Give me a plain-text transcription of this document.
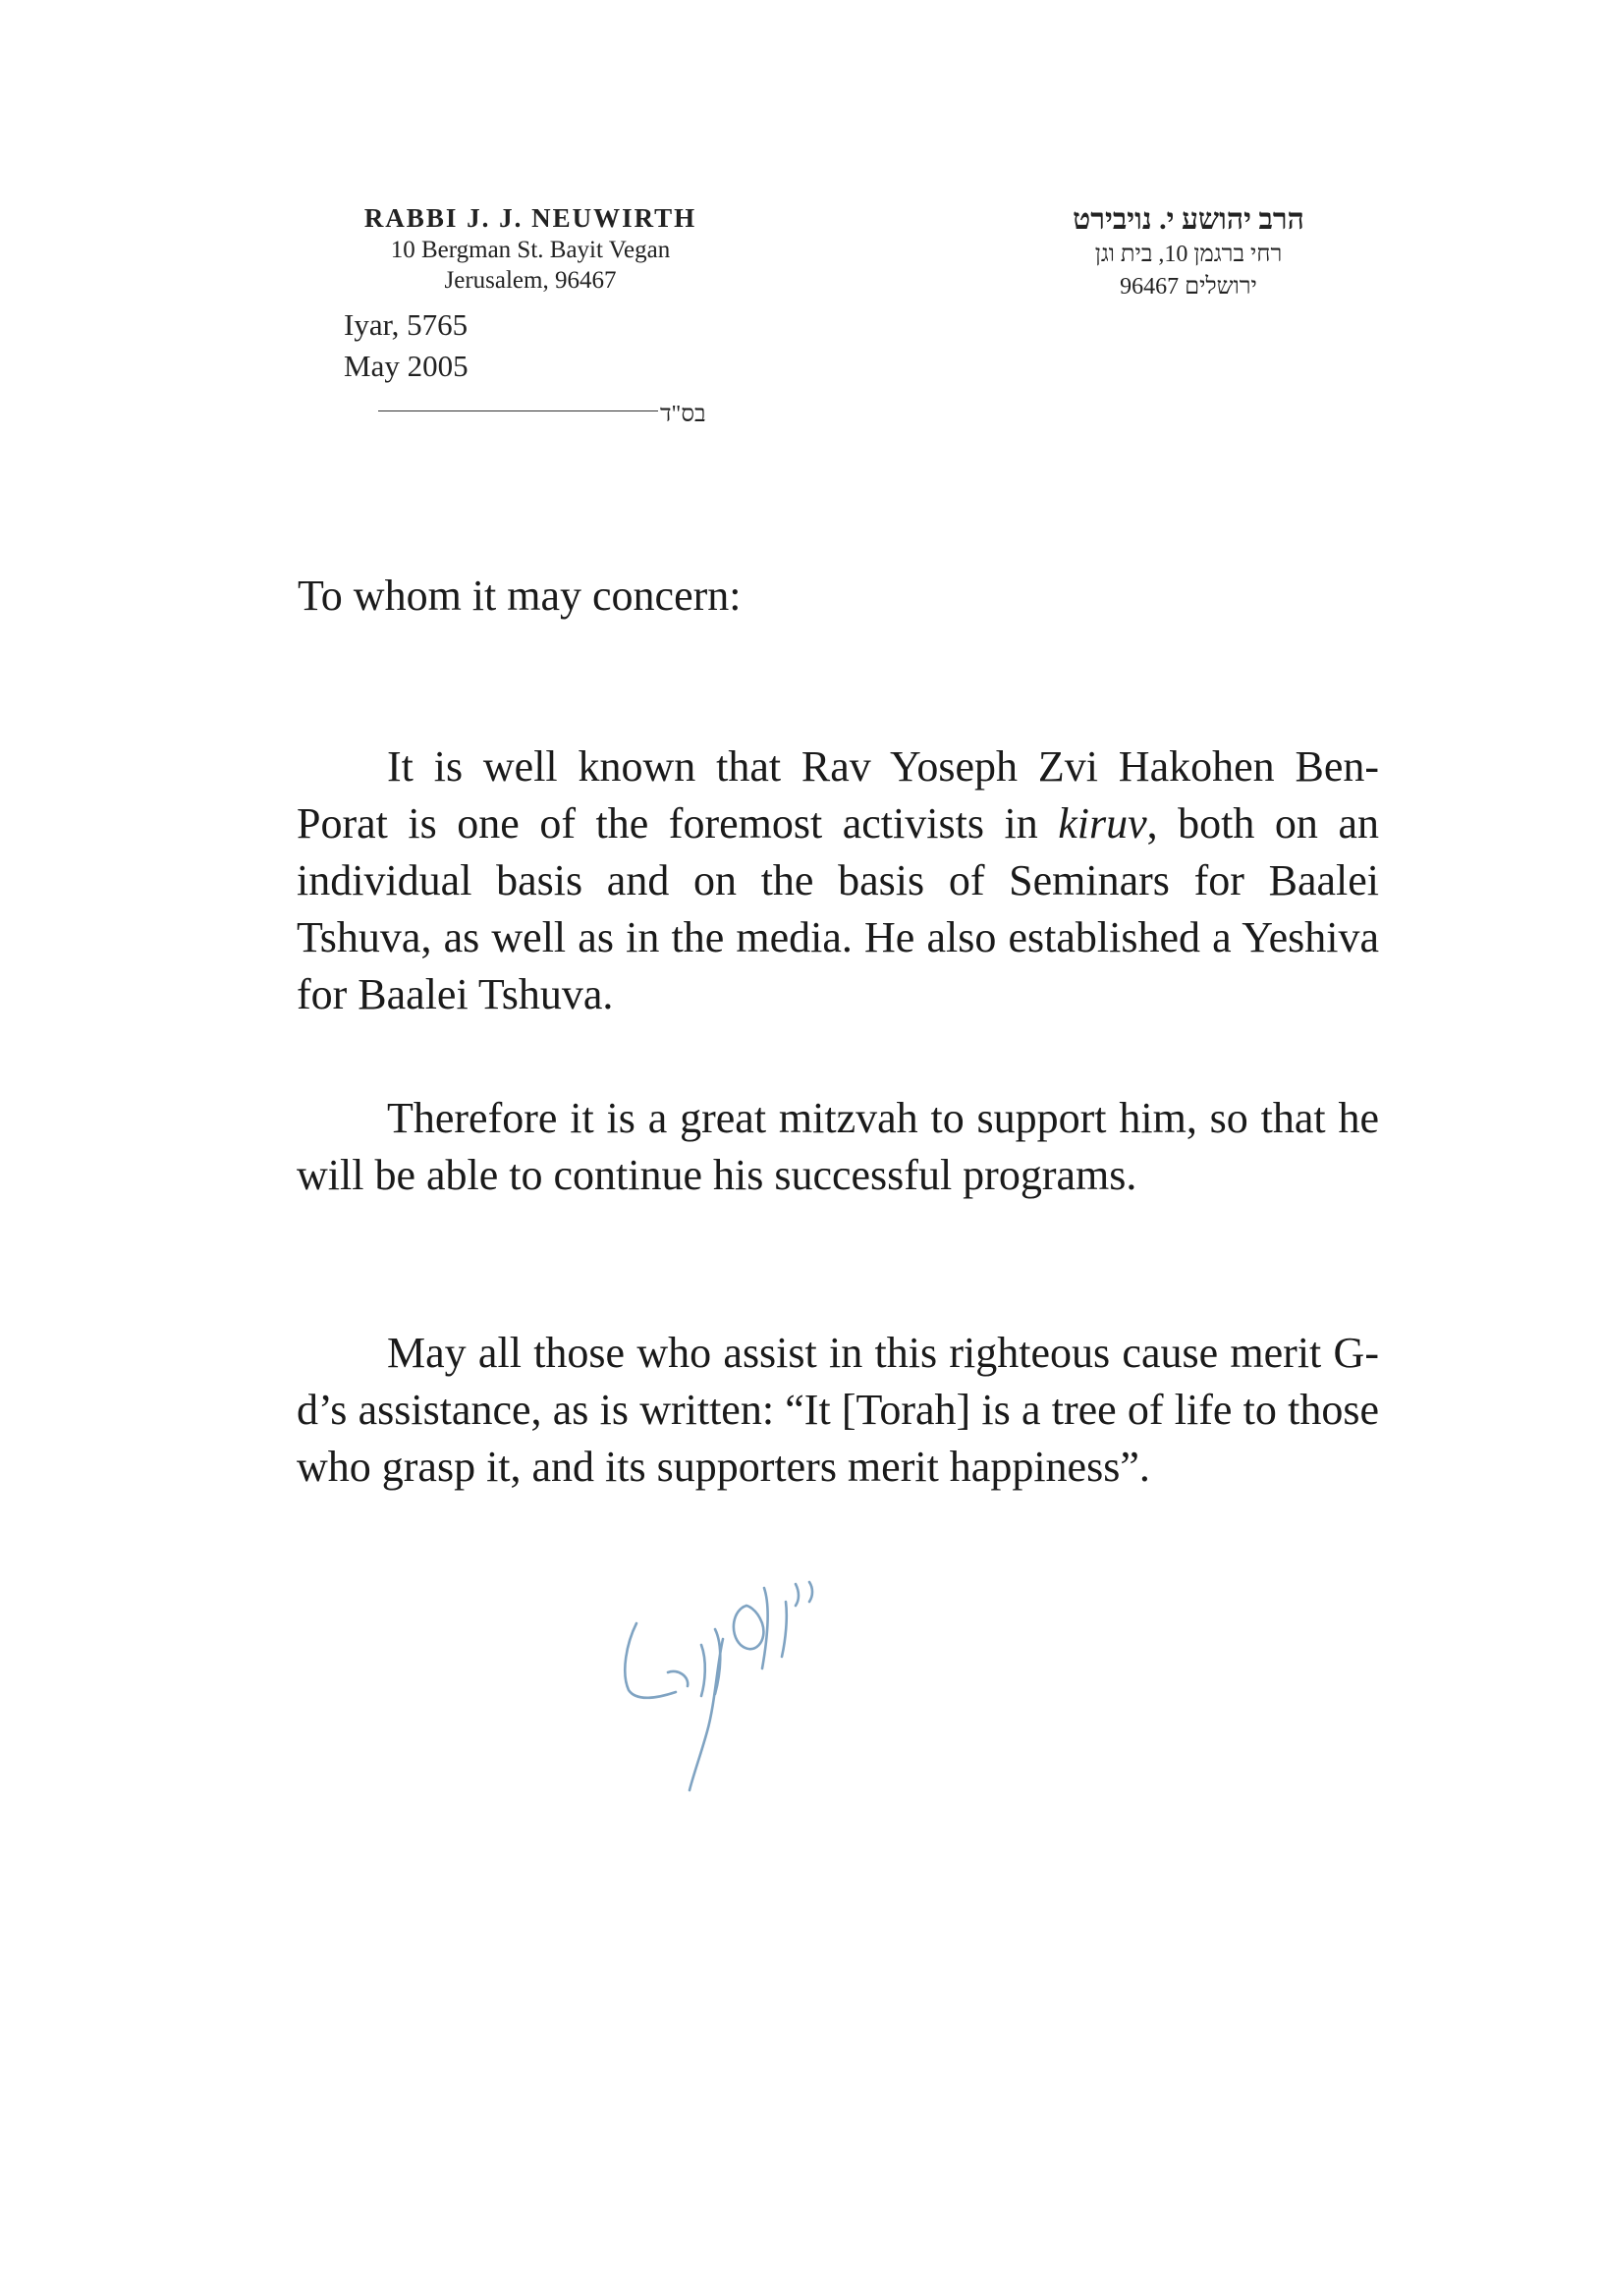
RABBI J. J. NEUWIRTH
10 Bergman St. Bayit Vegan
Jerusalem, 96467
הרב יהושע י. נויבירט
רחי ברגמן 10, בית וגן
ירושלים 96467
Iyar, 5765
May 2005
בס"ד
To whom it may concern:
It is well known that Rav Yoseph Zvi Hakohen Ben-Porat is one of the foremost activists in kiruv, both on an individual basis and on the basis of Seminars for Baalei Tshuva, as well as in the media. He also established a Yeshiva for Baalei Tshuva.
Therefore it is a great mitzvah to support him, so that he will be able to continue his successful programs.
May all those who assist in this righteous cause merit G-d’s assistance, as is written: “It [Torah] is a tree of life to those who grasp it, and its supporters merit happiness”.
